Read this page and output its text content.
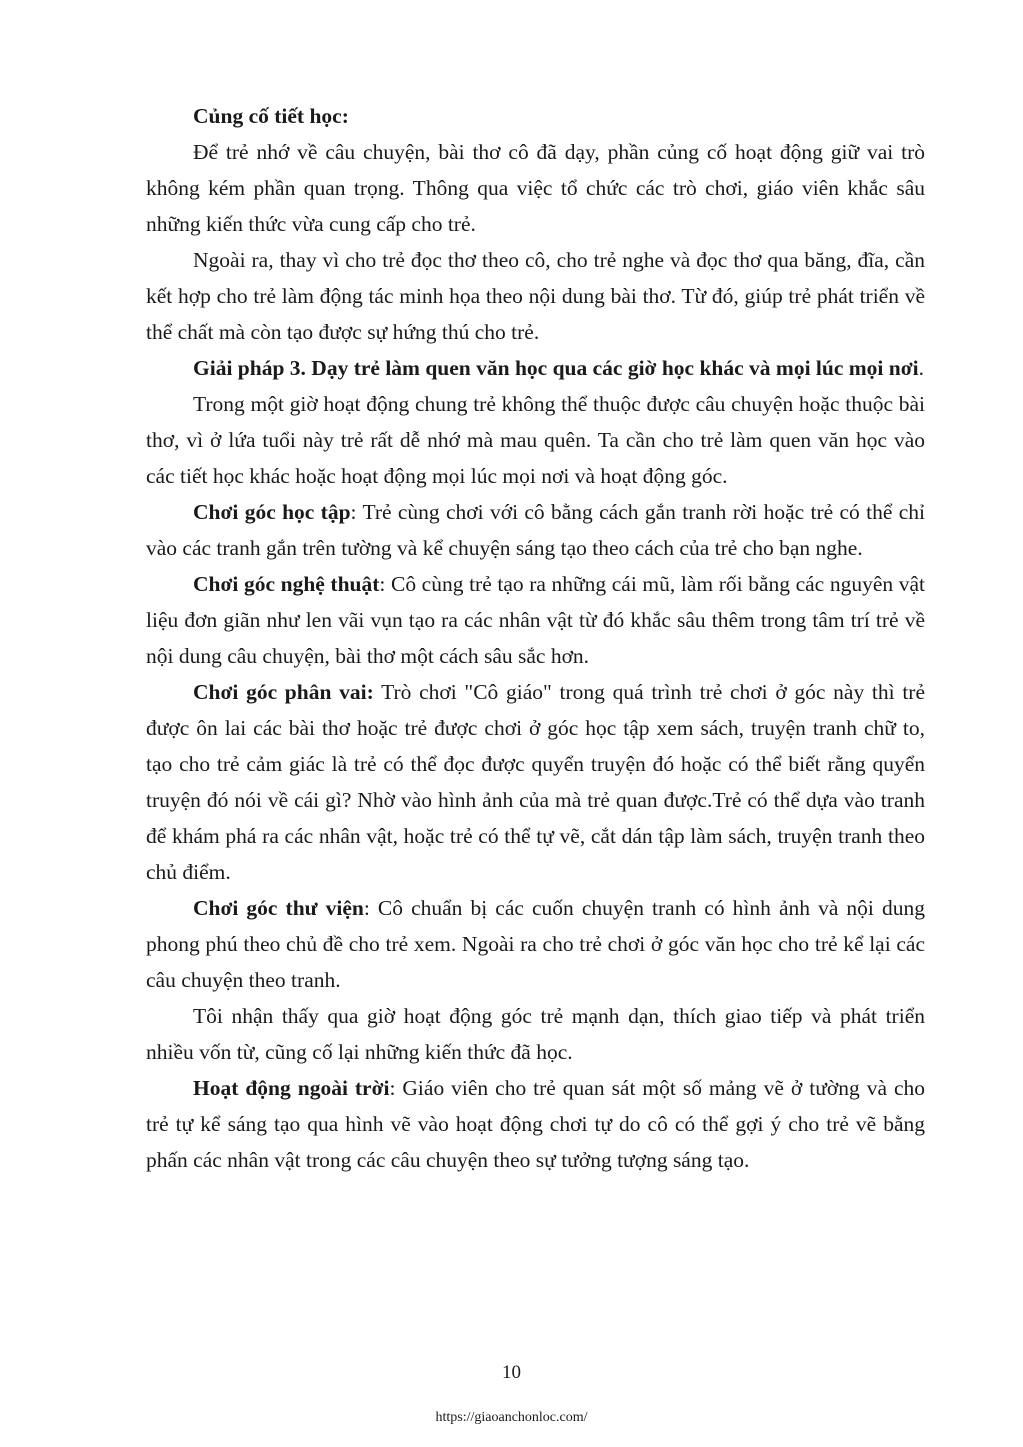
Củng cố tiết học:

Để trẻ nhớ về câu chuyện, bài thơ cô đã dạy, phần củng cố hoạt động giữ vai trò không kém phần quan trọng. Thông qua việc tổ chức các trò chơi, giáo viên khắc sâu những kiến thức vừa cung cấp cho trẻ.

Ngoài ra, thay vì cho trẻ đọc thơ theo cô, cho trẻ nghe và đọc thơ qua băng, đĩa, cần kết hợp cho trẻ làm động tác minh họa theo nội dung bài thơ. Từ đó, giúp trẻ phát triển về thể chất mà còn tạo được sự hứng thú cho trẻ.

Giải pháp 3. Dạy trẻ làm quen văn học qua các giờ học khác và mọi lúc mọi nơi.

Trong một giờ hoạt động chung trẻ không thể thuộc được câu chuyện hoặc thuộc bài thơ, vì ở lứa tuổi này trẻ rất dễ nhớ mà mau quên. Ta cần cho trẻ làm quen văn học vào các tiết học khác hoặc hoạt động mọi lúc mọi nơi và hoạt động góc.

Chơi góc học tập: Trẻ cùng chơi với cô bằng cách gắn tranh rời hoặc trẻ có thể chỉ vào các tranh gắn trên tường và kể chuyện sáng tạo theo cách của trẻ cho bạn nghe.

Chơi góc nghệ thuật: Cô cùng trẻ tạo ra những cái mũ, làm rối bằng các nguyên vật liệu đơn giãn như len vãi vụn tạo ra các nhân vật từ đó khắc sâu thêm trong tâm trí trẻ về nội dung câu chuyện, bài thơ một cách sâu sắc hơn.

Chơi góc phân vai: Trò chơi "Cô giáo" trong quá trình trẻ chơi ở góc này thì trẻ được ôn lai các bài thơ hoặc trẻ được chơi ở góc học tập xem sách, truyện tranh chữ to, tạo cho trẻ cảm giác là trẻ có thể đọc được quyển truyện đó hoặc có thể biết rằng quyển truyện đó nói về cái gì? Nhờ vào hình ảnh của mà trẻ quan được.Trẻ có thể dựa vào tranh để khám phá ra các nhân vật, hoặc trẻ có thể tự vẽ, cắt dán tập làm sách, truyện tranh theo chủ điểm.

Chơi góc thư viện: Cô chuẩn bị các cuốn chuyện tranh có hình ảnh và nội dung phong phú theo chủ đề cho trẻ xem. Ngoài ra cho trẻ chơi ở góc văn học cho trẻ kể lại các câu chuyện theo tranh.

Tôi nhận thấy qua giờ hoạt động góc trẻ mạnh dạn, thích giao tiếp và phát triển nhiều vốn từ, cũng cố lại những kiến thức đã học.

Hoạt động ngoài trời: Giáo viên cho trẻ quan sát một số mảng vẽ ở tường và cho trẻ tự kể sáng tạo qua hình vẽ vào hoạt động chơi tự do cô có thể gợi ý cho trẻ vẽ bằng phấn các nhân vật trong các câu chuyện theo sự tưởng tượng sáng tạo.

10
https://giaoanchonloc.com/
